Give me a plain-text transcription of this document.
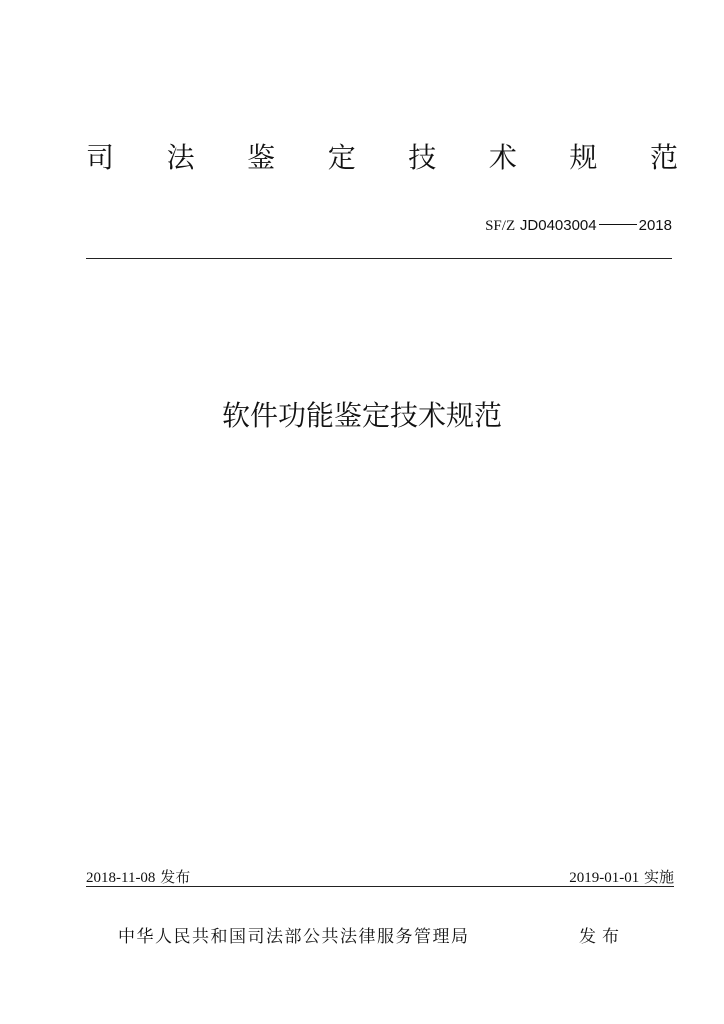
司 法 鉴 定 技 术 规 范
SF/Z JD0403004	2018
软件功能鉴定技术规范
2018-11-08 发布	2019-01-01 实施
中华人民共和国司法部公共法律服务管理局	发布
